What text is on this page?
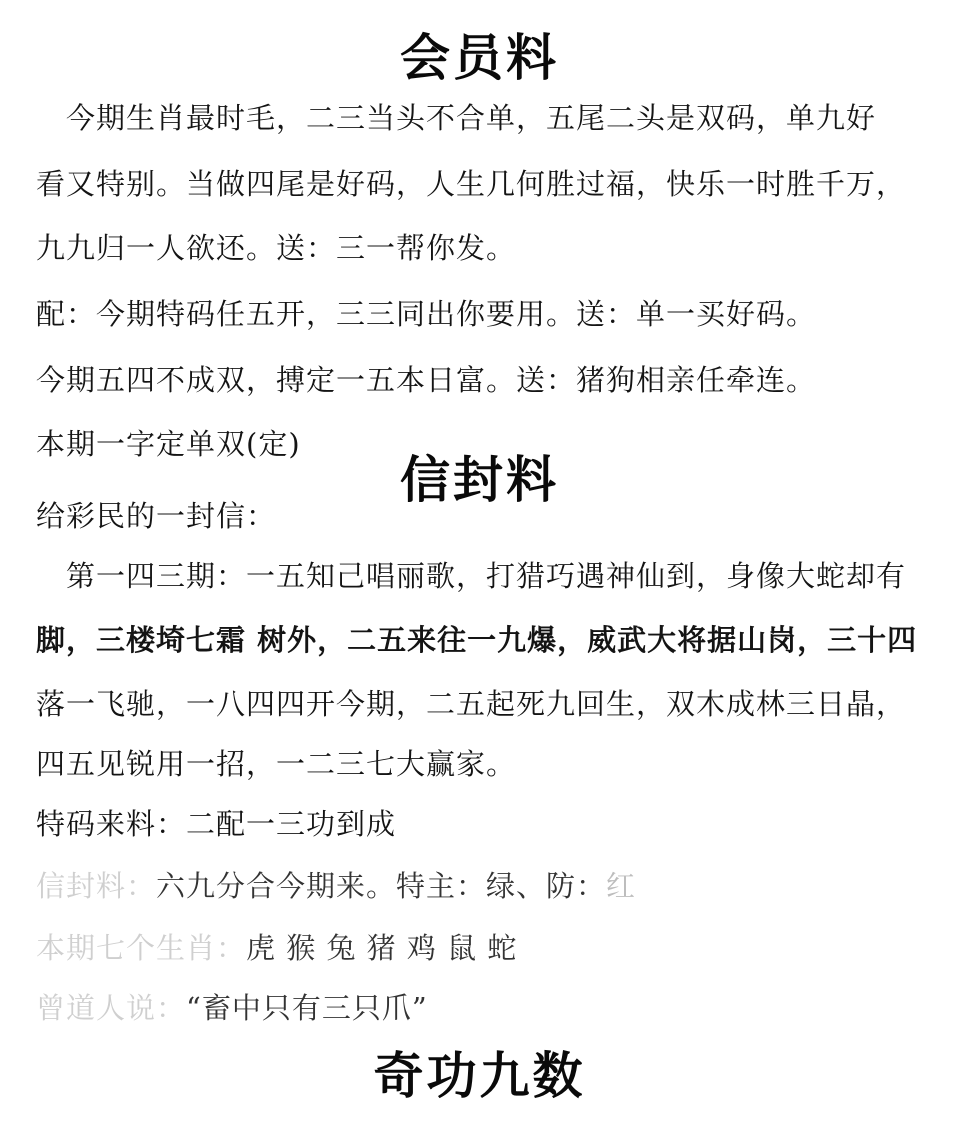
会员料
今期生肖最时毛，二三当头不合单，五尾二头是双码，单九好
看又特别。当做四尾是好码，人生几何胜过福，快乐一时胜千万，
九九归一人欲还。送：三一帮你发。
配：今期特码任五开，三三同出你要用。送：单一买好码。
今期五四不成双，搏定一五本日富。送：猪狗相亲任牵连。
本期一字定单双(定)
信封料
给彩民的一封信：
第一四三期：一五知己唱丽歌，打猎巧遇神仙到，身像大蛇却有
脚，三楼埼七霜 树外，二五来往一九爆，威武大将据山岗，三十四
落一飞驰，一八四四开今期，二五起死九回生，双木成林三日晶，
四五见锐用一招，一二三七大赢家。
特码来料：二配一三功到成
信封料：六九分合今期来。特主：绿、防：红
本期七个生肖：虎 猴 兔 猪 鸡 鼠 蛇
曾道人说：“畜中只有三只爪”
奇功九数
